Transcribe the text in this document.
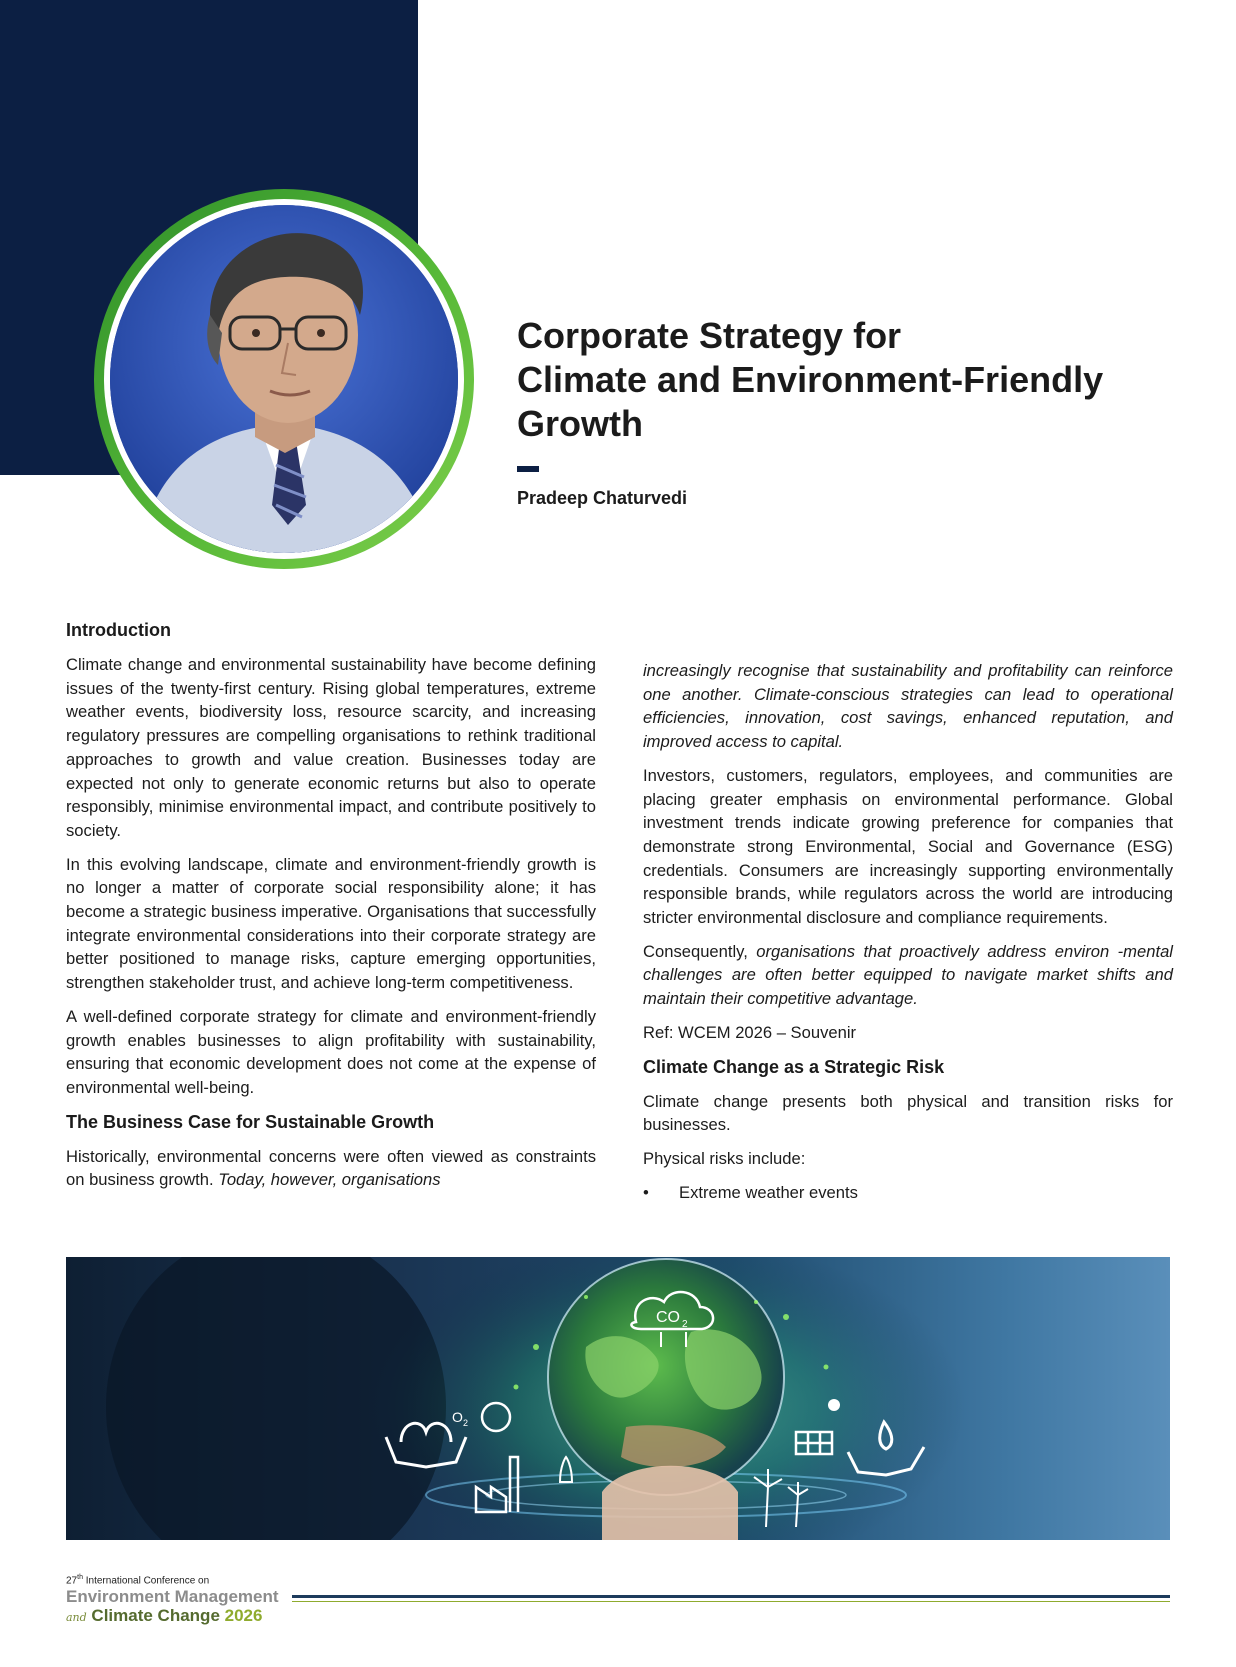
Corporate Strategy for
Climate and Environment-Friendly
Growth
Pradeep Chaturvedi
Introduction

Climate change and environmental sustainability have become defining issues of the twenty-first century. Rising global temperatures, extreme weather events, biodiversity loss, resource scarcity, and increasing regulatory pressures are compelling organisations to rethink traditional approaches to growth and value creation. Businesses today are expected not only to generate economic returns but also to operate responsibly, minimise environmental impact, and contribute positively to society.

In this evolving landscape, climate and environment-friendly growth is no longer a matter of corporate social responsibility alone; it has become a strategic business imperative. Organisations that successfully integrate environmental considerations into their corporate strategy are better positioned to manage risks, capture emerging opportunities, strengthen stakeholder trust, and achieve long-term competitiveness.

A well-defined corporate strategy for climate and environment-friendly growth enables businesses to align profitability with sustainability, ensuring that economic development does not come at the expense of environmental well-being.

The Business Case for Sustainable Growth

Historically, environmental concerns were often viewed as constraints on business growth. Today, however, organisations

increasingly recognise that sustainability and profitability can reinforce one another. Climate-conscious strategies can lead to operational efficiencies, innovation, cost savings, enhanced reputation, and improved access to capital.

Investors, customers, regulators, employees, and communities are placing greater emphasis on environmental performance. Global investment trends indicate growing preference for companies that demonstrate strong Environmental, Social and Governance (ESG) credentials. Consumers are increasingly supporting environmentally responsible brands, while regulators across the world are introducing stricter environmental disclosure and compliance requirements.

Consequently, organisations that proactively address environ -mental challenges are often better equipped to navigate market shifts and maintain their competitive advantage.

Ref: WCEM 2026 – Souvenir

Climate Change as a Strategic Risk

Climate change presents both physical and transition risks for businesses.

Physical risks include:

•	Extreme weather events
CO 2
O 2
27th International Conference on
Environment Management
and Climate Change 2026
